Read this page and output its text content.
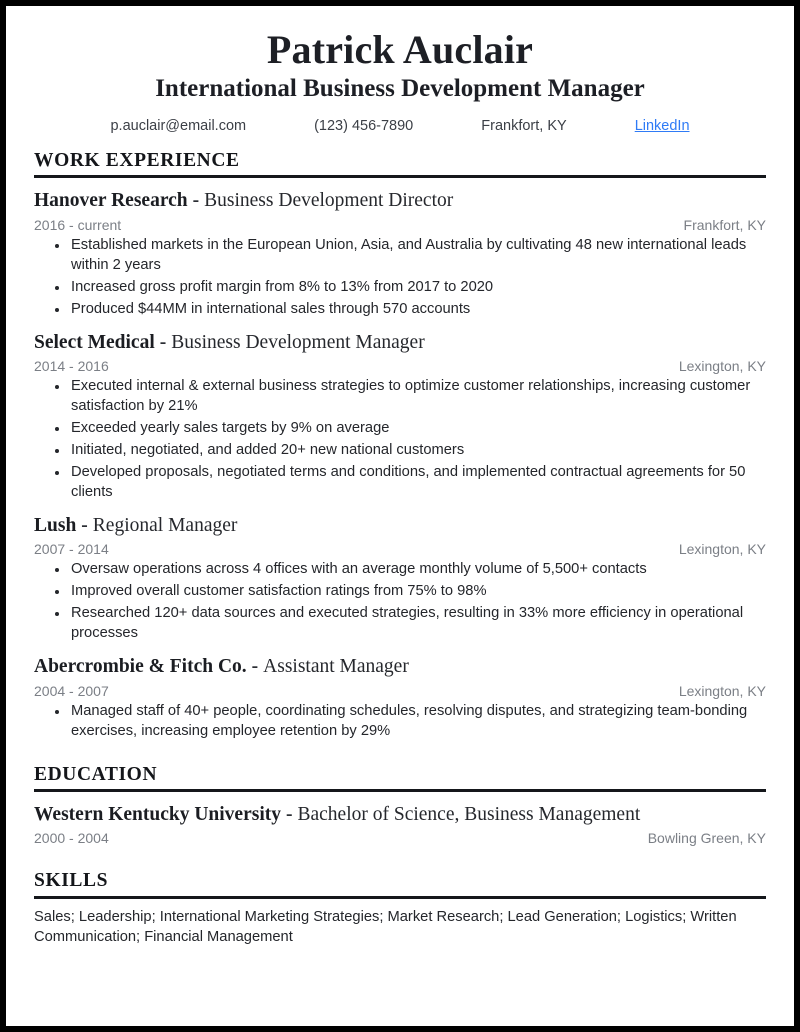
Patrick Auclair
International Business Development Manager
p.auclair@email.com	(123) 456-7890	Frankfort, KY	LinkedIn
WORK EXPERIENCE
Hanover Research - Business Development Director
2016 - current	Frankfort, KY
Established markets in the European Union, Asia, and Australia by cultivating 48 new international leads within 2 years
Increased gross profit margin from 8% to 13% from 2017 to 2020
Produced $44MM in international sales through 570 accounts
Select Medical - Business Development Manager
2014 - 2016	Lexington, KY
Executed internal & external business strategies to optimize customer relationships, increasing customer satisfaction by 21%
Exceeded yearly sales targets by 9% on average
Initiated, negotiated, and added 20+ new national customers
Developed proposals, negotiated terms and conditions, and implemented contractual agreements for 50 clients
Lush - Regional Manager
2007 - 2014	Lexington, KY
Oversaw operations across 4 offices with an average monthly volume of 5,500+ contacts
Improved overall customer satisfaction ratings from 75% to 98%
Researched 120+ data sources and executed strategies, resulting in 33% more efficiency in operational processes
Abercrombie & Fitch Co. - Assistant Manager
2004 - 2007	Lexington, KY
Managed staff of 40+ people, coordinating schedules, resolving disputes, and strategizing team-bonding exercises, increasing employee retention by 29%
EDUCATION
Western Kentucky University - Bachelor of Science, Business Management
2000 - 2004	Bowling Green, KY
SKILLS
Sales; Leadership; International Marketing Strategies; Market Research; Lead Generation; Logistics; Written Communication; Financial Management
